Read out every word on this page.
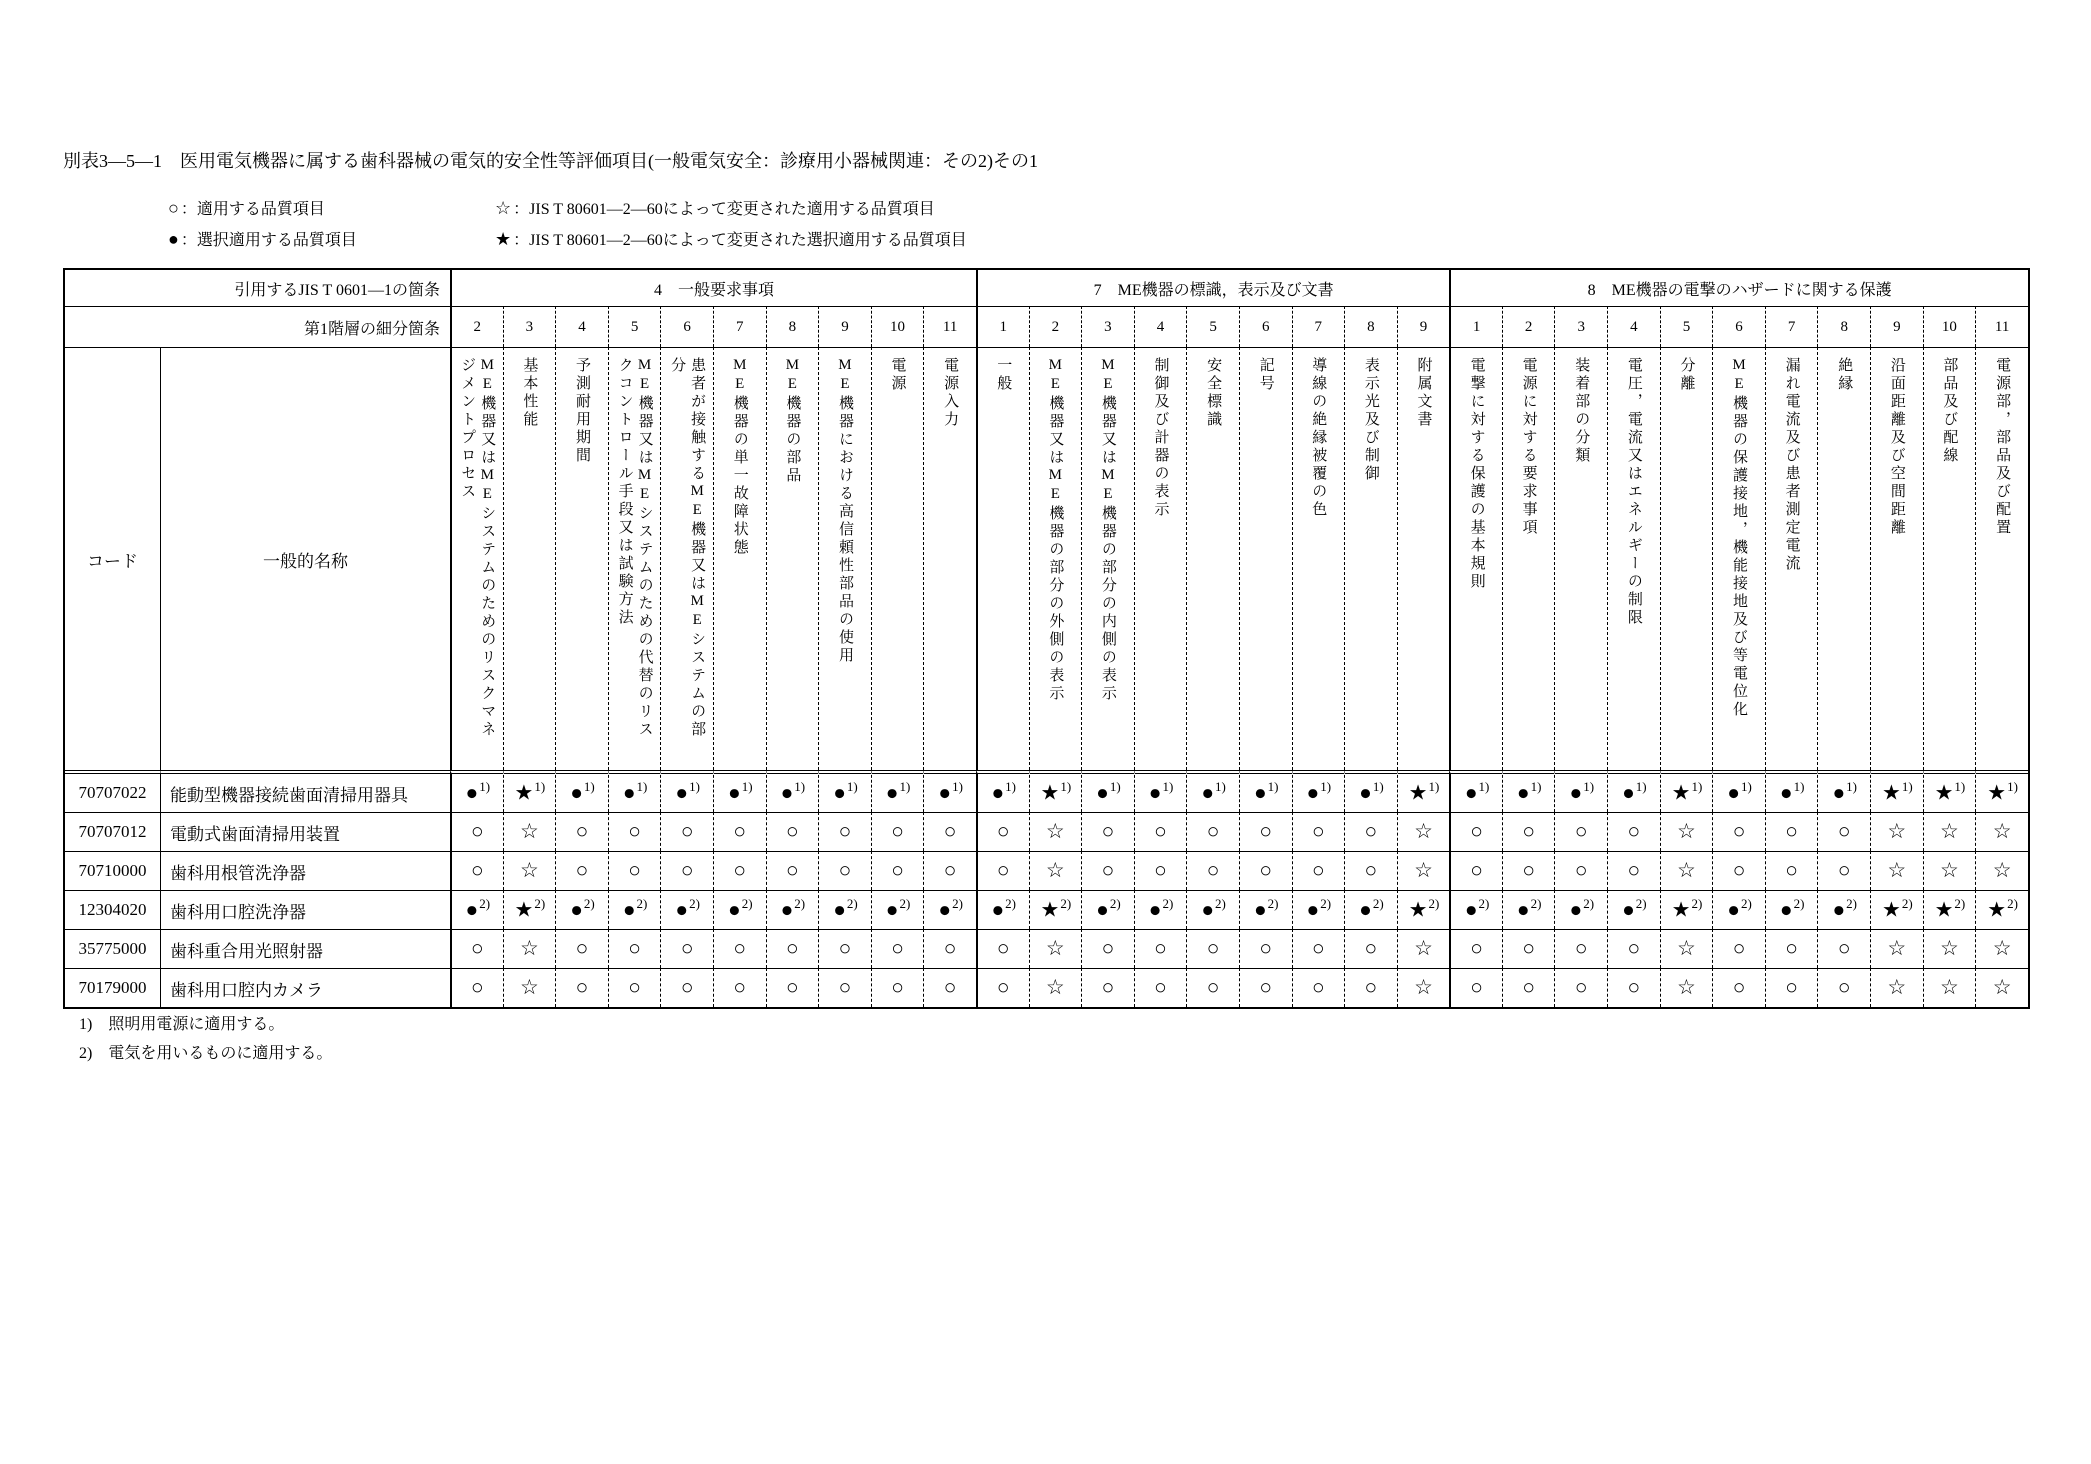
別表3—5—1　医用電気機器に属する歯科器械の電気的安全性等評価項目(一般電気安全：診療用小器械関連：その2)その1
○ ：適用する品質項目	☆ ：JIS T 80601—2—60によって変更された適用する品質項目
● ：選択適用する品質項目	★ ：JIS T 80601—2—60によって変更された選択適用する品質項目
引用するJIS T 0601—1の箇条		4　一般要求事項										7　ME機器の標識，表示及び文書									8　ME機器の電撃のハザードに関する保護										
第1階層の細分箇条		2	3	4	5	6	7	8	9	10	11	1	2	3	4	5	6	7	8	9	1	2	3	4	5	6	7	8	9	10	11
コード	一般的名称	ME機器又はMEシステムのためのリスクマネジメントプロセス	基本性能	予測耐用期間	ME機器又はMEシステムのための代替のリスクコントロール手段又は試験方法	患者が接触するME機器又はMEシステムの部分	ME機器の単一故障状態	ME機器の部品	ME機器における高信頼性部品の使用	電源	電源入力	一般	ME機器又はME機器の部分の外側の表示	ME機器又はME機器の部分の内側の表示	制御及び計器の表示	安全標識	記号	導線の絶縁被覆の色	表示光及び制御	附属文書	電撃に対する保護の基本規則	電源に対する要求事項	装着部の分類	電圧，電流又はエネルギーの制限	分離	ME機器の保護接地，機能接地及び等電位化	漏れ電流及び患者測定電流	絶縁	沿面距離及び空間距離	部品及び配線	電源部，部品及び配置
70707022	能動型機器接続歯面清掃用器具	●$^{1)}$	★$^{1)}$	●$^{1)}$	●$^{1)}$	●$^{1)}$	●$^{1)}$	●$^{1)}$	●$^{1)}$	●$^{1)}$	●$^{1)}$	●$^{1)}$	★$^{1)}$	●$^{1)}$	●$^{1)}$	●$^{1)}$	●$^{1)}$	●$^{1)}$	●$^{1)}$	★$^{1)}$	●$^{1)}$	●$^{1)}$	●$^{1)}$	●$^{1)}$	★$^{1)}$	●$^{1)}$	●$^{1)}$	●$^{1)}$	★$^{1)}$	★$^{1)}$	★$^{1)}$
70707012	電動式歯面清掃用装置	○	☆	○	○	○	○	○	○	○	○	○	☆	○	○	○	○	○	○	☆	○	○	○	○	☆	○	○	○	☆	☆	☆
70710000	歯科用根管洗浄器	○	☆	○	○	○	○	○	○	○	○	○	☆	○	○	○	○	○	○	☆	○	○	○	○	☆	○	○	○	☆	☆	☆
12304020	歯科用口腔洗浄器	●$^{2)}$	★$^{2)}$	●$^{2)}$	●$^{2)}$	●$^{2)}$	●$^{2)}$	●$^{2)}$	●$^{2)}$	●$^{2)}$	●$^{2)}$	●$^{2)}$	★$^{2)}$	●$^{2)}$	●$^{2)}$	●$^{2)}$	●$^{2)}$	●$^{2)}$	●$^{2)}$	★$^{2)}$	●$^{2)}$	●$^{2)}$	●$^{2)}$	●$^{2)}$	★$^{2)}$	●$^{2)}$	●$^{2)}$	●$^{2)}$	★$^{2)}$	★$^{2)}$	★$^{2)}$
35775000	歯科重合用光照射器	○	☆	○	○	○	○	○	○	○	○	○	☆	○	○	○	○	○	○	☆	○	○	○	○	☆	○	○	○	☆	☆	☆
70179000	歯科用口腔内カメラ	○	☆	○	○	○	○	○	○	○	○	○	☆	○	○	○	○	○	○	☆	○	○	○	○	☆	○	○	○	☆	☆	☆
1)　照明用電源に適用する。
2)　電気を用いるものに適用する。
